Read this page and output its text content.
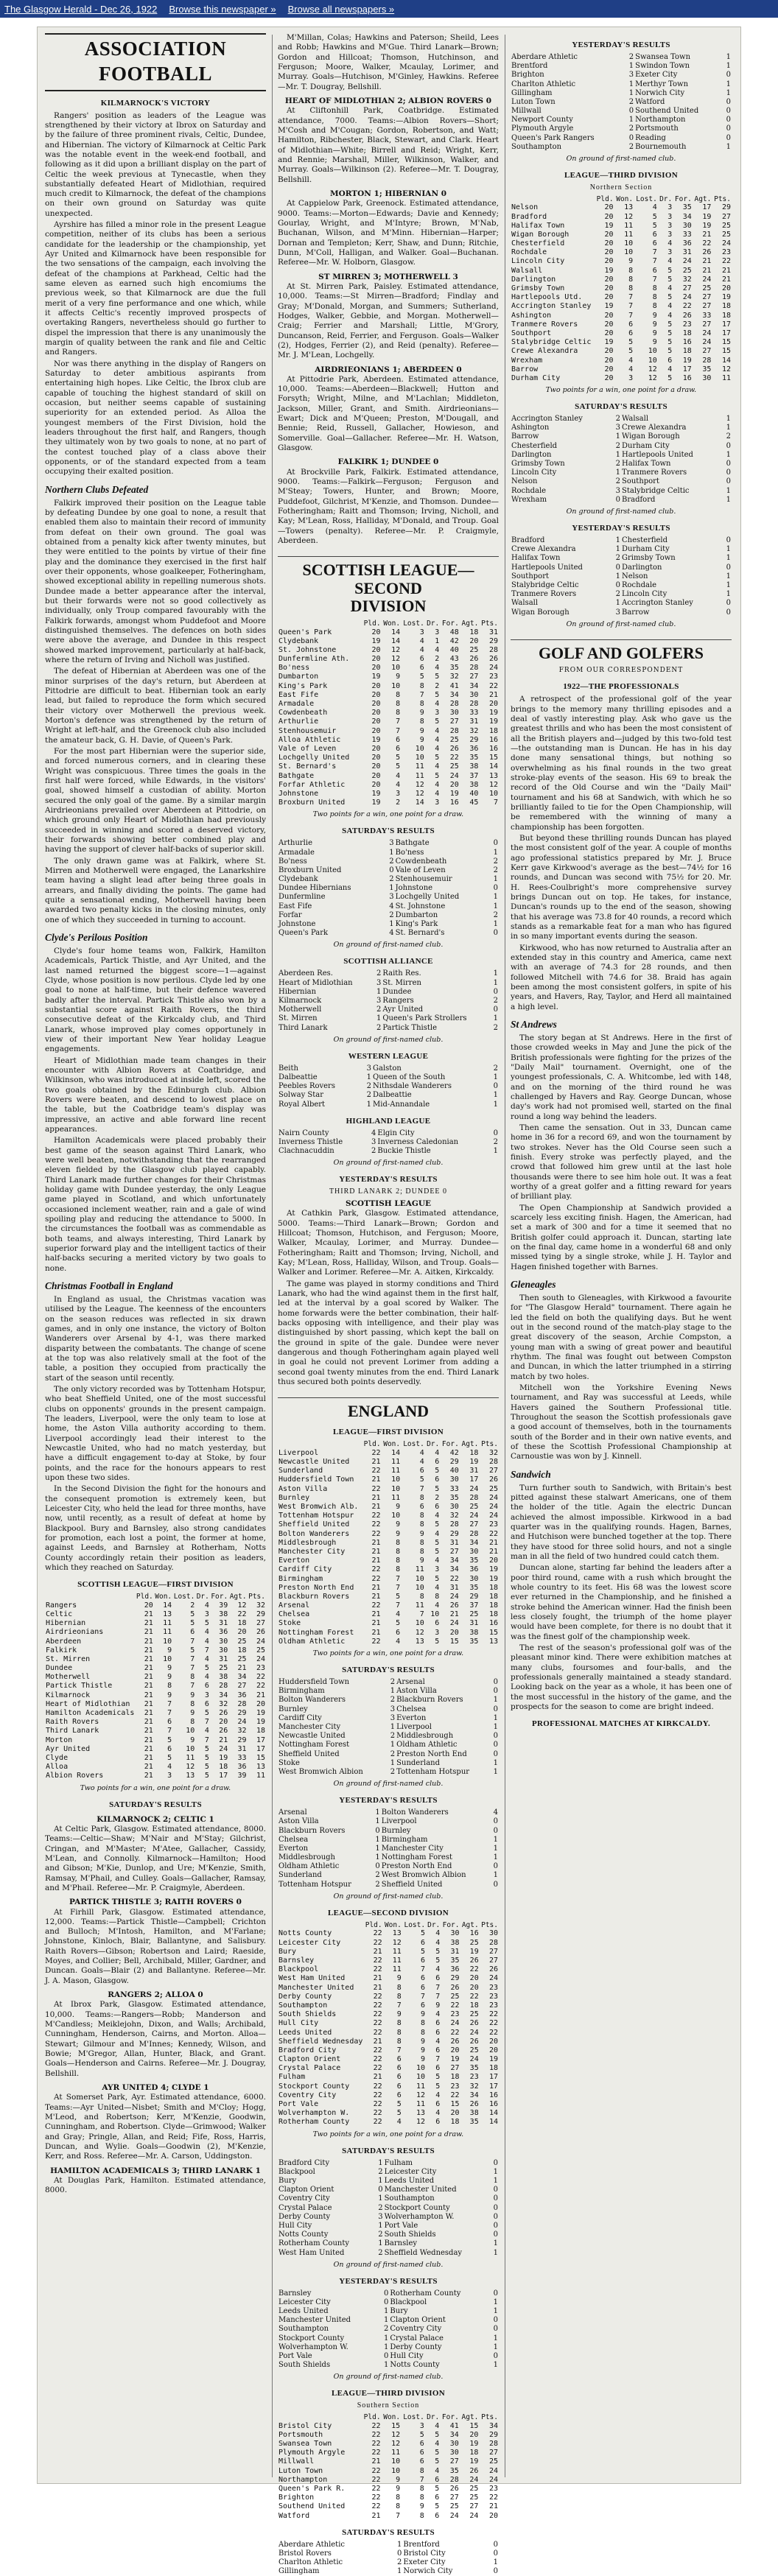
The Glasgow Herald - Dec 26, 1922 Browse this newspaper » Browse all newspapers »
ASSOCIATION FOOTBALL
KILMARNOCK'S VICTORY

Rangers' position as leaders of the League was strengthened by their victory at Ibrox on Saturday and by the failure of three prominent rivals, Celtic, Dundee, and Hibernian. The victory of Kilmarnock at Celtic Park was the notable event in the week-end football, and following as it did upon a brilliant display on the part of Celtic the week previous at Tynecastle, when they substantially defeated Heart of Midlothian, required much credit to Kilmarnock, the defeat of the champions on their own ground on Saturday was quite unexpected.

Ayrshire has filled a minor role in the present League competition, neither of its clubs has been a serious candidate for the leadership or the championship, yet Ayr United and Kilmarnock have been responsible for the two sensations of the campaign, each involving the defeat of the champions at Parkhead, Celtic had the same eleven as earned such high encomiums the previous week, so that Kilmarnock are due the full merit of a very fine performance and one which, while it affects Celtic's recently improved prospects of overtaking Rangers, nevertheless should go further to dispel the impression that there is any unanimously the margin of quality between the rank and file and Celtic and Rangers.

Nor was there anything in the display of Rangers on Saturday to deter ambitious aspirants from entertaining high hopes. Like Celtic, the Ibrox club are capable of touching the highest standard of skill on occasion, but neither seems capable of sustaining superiority for an extended period. As Alloa the youngest members of the First Division, hold the leaders throughout the first half, and Rangers, though they ultimately won by two goals to none, at no part of the contest touched play of a class above their opponents, or of the standard expected from a team occupying their exalted position.

Northern Clubs Defeated

Falkirk improved their position on the League table by defeating Dundee by one goal to none, a result that enabled them also to maintain their record of immunity from defeat on their own ground. The goal was obtained from a penalty kick after twenty minutes, but they were entitled to the points by virtue of their fine play and the dominance they exercised in the first half over their opponents, whose goalkeeper, Fotheringham, showed exceptional ability in repelling numerous shots. Dundee made a better appearance after the interval, but their forwards were not so good collectively as individually, only Troup compared favourably with the Falkirk forwards, amongst whom Puddefoot and Moore distinguished themselves. The defences on both sides were above the average, and Dundee in this respect showed marked improvement, particularly at half-back, where the return of Irving and Nicholl was justified.

The defeat of Hibernian at Aberdeen was one of the minor surprises of the day's return, but Aberdeen at Pittodrie are difficult to beat. Hibernian took an early lead, but failed to reproduce the form which secured their victory over Motherwell the previous week. Morton's defence was strengthened by the return of Wright at left-half, and the Greenock club also included the amateur back, G. H. Davie, of Queen's Park.

For the most part Hibernian were the superior side, and forced numerous corners, and in clearing these Wright was conspicuous. Three times the goals in the first half were forced, while Edwards, in the visitors' goal, showed himself a custodian of ability. Morton secured the only goal of the game. By a similar margin Airdrieonians prevailed over Aberdeen at Pittodrie, on which ground only Heart of Midlothian had previously succeeded in winning and scored a deserved victory, their forwards showing better combined play and having the support of clever half-backs of superior skill.

The only drawn game was at Falkirk, where St. Mirren and Motherwell were engaged, the Lanarkshire team having a slight lead after being three goals in arrears, and finally dividing the points. The game had quite a sensational ending, Motherwell having been awarded two penalty kicks in the closing minutes, only one of which they succeeded in turning to account.

Clyde's Perilous Position

Clyde's four home teams won, Falkirk, Hamilton Academicals, Partick Thistle, and Ayr United, and the last named returned the biggest score—1—against Clyde, whose position is now perilous. Clyde led by one goal to none at half-time, but their defence wavered badly after the interval. Partick Thistle also won by a substantial score against Raith Rovers, the third consecutive defeat of the Kirkcaldy club, and Third Lanark, whose improved play comes opportunely in view of their important New Year holiday League engagements.

Heart of Midlothian made team changes in their encounter with Albion Rovers at Coatbridge, and Wilkinson, who was introduced at inside left, scored the two goals obtained by the Edinburgh club. Albion Rovers were beaten, and descend to lowest place on the table, but the Coatbridge team's display was impressive, an active and able forward line recent appearances.

Hamilton Academicals were placed probably their best game of the season against Third Lanark, who were well beaten, notwithstanding that the rearranged eleven fielded by the Glasgow club played capably. Third Lanark made further changes for their Christmas holiday game with Dundee yesterday, the only League game played in Scotland, and which unfortunately occasioned inclement weather, rain and a gale of wind spoiling play and reducing the attendance to 5000. In the circumstances the football was as commendable as both teams, and always interesting, Third Lanark by superior forward play and the intelligent tactics of their half-backs securing a merited victory by two goals to none.

Christmas Football in England

In England as usual, the Christmas vacation was utilised by the League. The keenness of the encounters on the season reduces was reflected in six drawn games, and in only one instance, the victory of Bolton Wanderers over Arsenal by 4-1, was there marked disparity between the combatants. The change of scene at the top was also relatively small at the foot of the table, a position they occupied from practically the start of the season until recently.

The only victory recorded was by Tottenham Hotspur, who beat Sheffield United, one of the most successful clubs on opponents' grounds in the present campaign. The leaders, Liverpool, were the only team to lose at home, the Aston Villa authority according to them. Liverpool accordingly lead their interest to the Newcastle United, who had no match yesterday, but have a difficult engagement to-day at Stoke, by four points, and the race for the honours appears to rest upon these two sides.

In the Second Division the fight for the honours and the consequent promotion is extremely keen, but Leicester City, who held the lead for three months, have now, until recently, as a result of defeat at home by Blackpool. Bury and Barnsley, also strong candidates for promotion, each lost a point, the former at home, against Leeds, and Barnsley at Rotherham, Notts County accordingly retain their position as leaders, which they reached on Saturday.

SCOTTISH LEAGUE—FIRST DIVISION
	Pld.	Won.	Lost.	Dr.	For.	Agt.	Pts.
Rangers	20	14	2	4	39	12	32
Celtic	21	13	5	3	38	22	29
Hibernian	21	11	5	5	31	18	27
Airdrieonians	21	11	6	4	36	20	26
Aberdeen	21	10	7	4	30	25	24
Falkirk	21	9	5	7	30	18	25
St. Mirren	21	10	7	4	31	25	24
Dundee	21	9	7	5	25	21	23
Motherwell	21	9	8	4	38	34	22
Partick Thistle	21	8	7	6	28	27	22
Kilmarnock	21	9	9	3	34	36	21
Heart of Midlothian	21	7	8	6	32	28	20
Hamilton Academicals	21	7	9	5	26	29	19
Raith Rovers	21	6	8	7	20	24	19
Third Lanark	21	7	10	4	26	32	18
Morton	21	5	9	7	21	29	17
Ayr United	21	6	10	5	24	31	17
Clyde	21	5	11	5	19	33	15
Alloa	21	4	12	5	18	36	13
Albion Rovers	21	3	13	5	17	39	11
Two points for a win, one point for a draw.
SATURDAY'S RESULTS
KILMARNOCK 2; CELTIC 1

At Celtic Park, Glasgow. Estimated attendance, 8000. Teams:—Celtic—Shaw; M'Nair and M'Stay; Gilchrist, Cringan, and M'Master; M'Atee, Gallacher, Cassidy, M'Lean, and Connolly. Kilmarnock—Hamilton; Hood and Gibson; M'Kie, Dunlop, and Ure; M'Kenzie, Smith, Ramsay, M'Phail, and Culley. Goals—Gallacher, Ramsay, and M'Phail. Referee—Mr. P. Craigmyle, Aberdeen.

PARTICK THISTLE 3; RAITH ROVERS 0

At Firhill Park, Glasgow. Estimated attendance, 12,000. Teams:—Partick Thistle—Campbell; Crichton and Bulloch; M'Intosh, Hamilton, and M'Farlane; Johnstone, Kinloch, Blair, Ballantyne, and Salisbury. Raith Rovers—Gibson; Robertson and Laird; Raeside, Moyes, and Collier; Bell, Archibald, Miller, Gardner, and Duncan. Goals—Blair (2) and Ballantyne. Referee—Mr. J. A. Mason, Glasgow.

RANGERS 2; ALLOA 0

At Ibrox Park, Glasgow. Estimated attendance, 10,000. Teams:—Rangers—Robb; Manderson and M'Candless; Meiklejohn, Dixon, and Walls; Archibald, Cunningham, Henderson, Cairns, and Morton. Alloa—Stewart; Gilmour and M'Innes; Kennedy, Wilson, and Bowie; M'Gregor, Allan, Hunter, Black, and Grant. Goals—Henderson and Cairns. Referee—Mr. J. Dougray, Bellshill.

AYR UNITED 4; CLYDE 1

At Somerset Park, Ayr. Estimated attendance, 6000. Teams:—Ayr United—Nisbet; Smith and M'Cloy; Hogg, M'Leod, and Robertson; Kerr, M'Kenzie, Goodwin, Cunningham, and Robertson. Clyde—Grimwood; Walker and Gray; Pringle, Allan, and Reid; Fife, Ross, Harris, Duncan, and Wylie. Goals—Goodwin (2), M'Kenzie, Kerr, and Ross. Referee—Mr. A. Carson, Uddingston.

HAMILTON ACADEMICALS 3; THIRD LANARK 1

At Douglas Park, Hamilton. Estimated attendance, 8000.

M'Millan, Colas; Hawkins and Paterson; Sheild, Lees and Robb; Hawkins and M'Gue. Third Lanark—Brown; Gordon and Hillcoat; Thomson, Hutchinson, and Ferguson; Moore, Walker, Mcaulay, Lorimer, and Murray. Goals—Hutchison, M'Ginley, Hawkins. Referee—Mr. T. Dougray, Bellshill.

HEART OF MIDLOTHIAN 2; ALBION ROVERS 0

At Cliftonhill Park, Coatbridge. Estimated attendance, 7000. Teams:—Albion Rovers—Short; M'Cosh and M'Cougan; Gordon, Robertson, and Watt; Hamilton, Ribchester, Black, Stewart, and Clark. Heart of Midlothian—White; Birrell and Reid; Wright, Kerr, and Rennie; Marshall, Miller, Wilkinson, Walker, and Murray. Goals—Wilkinson (2). Referee—Mr. T. Dougray, Bellshill.

MORTON 1; HIBERNIAN 0

At Cappielow Park, Greenock. Estimated attendance, 9000. Teams:—Morton—Edwards; Davie and Kennedy; Gourlay, Wright, and M'Intyre; Brown, M'Nab, Buchanan, Wilson, and M'Minn. Hibernian—Harper; Dornan and Templeton; Kerr, Shaw, and Dunn; Ritchie, Dunn, M'Coll, Halligan, and Walker. Goal—Buchanan. Referee—Mr. W. Holborn, Glasgow.

ST MIRREN 3; MOTHERWELL 3

At St. Mirren Park, Paisley. Estimated attendance, 10,000. Teams:—St Mirren—Bradford; Findlay and Gray; M'Donald, Morgan, and Summers; Sutherland, Hodges, Walker, Gebbie, and Morgan. Motherwell—Craig; Ferrier and Marshall; Little, M'Grory, Duncanson, Reid, Ferrier, and Ferguson. Goals—Walker (2), Hodges, Ferrier (2), and Reid (penalty). Referee—Mr. J. M'Lean, Lochgelly.

AIRDRIEONIANS 1; ABERDEEN 0

At Pittodrie Park, Aberdeen. Estimated attendance, 10,000. Teams:—Aberdeen—Blackwell; Hutton and Forsyth; Wright, Milne, and M'Lachlan; Middleton, Jackson, Miller, Grant, and Smith. Airdrieonians—Ewart; Dick and M'Queen; Preston, M'Dougall, and Bennie; Reid, Russell, Gallacher, Howieson, and Somerville. Goal—Gallacher. Referee—Mr. H. Watson, Glasgow.

FALKIRK 1; DUNDEE 0

At Brockville Park, Falkirk. Estimated attendance, 9000. Teams:—Falkirk—Ferguson; Ferguson and M'Steay; Towers, Hunter, and Brown; Moore, Puddefoot, Gilchrist, M'Kenzie, and Thomson. Dundee—Fotheringham; Raitt and Thomson; Irving, Nicholl, and Kay; M'Lean, Ross, Halliday, M'Donald, and Troup. Goal—Towers (penalty). Referee—Mr. P. Craigmyle, Aberdeen.

SCOTTISH LEAGUE—SECOND
DIVISION
	Pld.	Won.	Lost.	Dr.	For.	Agt.	Pts.
Queen's Park	20	14	3	3	48	18	31
Clydebank	19	14	4	1	42	20	29
St. Johnstone	20	12	4	4	40	25	28
Dunfermline Ath.	20	12	6	2	43	26	26
Bo'ness	20	10	6	4	35	28	24
Dumbarton	19	9	5	5	32	27	23
King's Park	20	10	8	2	41	34	22
East Fife	20	8	7	5	34	30	21
Armadale	20	8	8	4	28	28	20
Cowdenbeath	20	8	9	3	30	33	19
Arthurlie	20	7	8	5	27	31	19
Stenhousemuir	20	7	9	4	28	32	18
Alloa Athletic	19	6	9	4	25	29	16
Vale of Leven	20	6	10	4	26	36	16
Lochgelly United	20	5	10	5	22	35	15
St. Bernard's	20	5	11	4	25	38	14
Bathgate	20	4	11	5	24	37	13
Forfar Athletic	20	4	12	4	20	38	12
Johnstone	19	3	12	4	19	40	10
Broxburn United	19	2	14	3	16	45	7
Two points for a win, one point for a draw.
SATURDAY'S RESULTS
Arthurlie	3	Bathgate	0
Armadale	1	Bo'ness	1
Bo'ness	2	Cowdenbeath	2
Broxburn United	0	Vale of Leven	2
Clydebank	2	Stenhousemuir	1
Dundee Hibernians	1	Johnstone	0
Dunfermline	3	Lochgelly United	1
East Fife	4	St. Johnstone	1
Forfar	2	Dumbarton	2
Johnstone	1	King's Park	1
Queen's Park	4	St. Bernard's	0
On ground of first-named club.
SCOTTISH ALLIANCE
Aberdeen Res.	2	Raith Res.	1
Heart of Midlothian	3	St. Mirren	1
Hibernian	1	Dundee	0
Kilmarnock	3	Rangers	2
Motherwell	2	Ayr United	0
St. Mirren	1	Queen's Park Strollers	1
Third Lanark	2	Partick Thistle	2
On ground of first-named club.
WESTERN LEAGUE
Beith	3	Galston	2
Dalbeattie	1	Queen of the South	1
Peebles Rovers	2	Nithsdale Wanderers	0
Solway Star	2	Dalbeattie	1
Royal Albert	1	Mid-Annandale	1
HIGHLAND LEAGUE
Nairn County	4	Elgin City	0
Inverness Thistle	3	Inverness Caledonian	2
Clachnacuddin	2	Buckie Thistle	1
On ground of first-named club.
YESTERDAY'S RESULTS
THIRD LANARK 2; DUNDEE 0
SCOTTISH LEAGUE

At Cathkin Park, Glasgow. Estimated attendance, 5000. Teams:—Third Lanark—Brown; Gordon and Hillcoat; Thomson, Hutchison, and Ferguson; Moore, Walker, Mcaulay, Lorimer, and Murray. Dundee—Fotheringham; Raitt and Thomson; Irving, Nicholl, and Kay; M'Lean, Ross, Halliday, Wilson, and Troup. Goals—Walker and Lorimer. Referee—Mr. A. Aitken, Kirkcaldy.

The game was played in stormy conditions and Third Lanark, who had the wind against them in the first half, led at the interval by a goal scored by Walker. The home forwards were the better combination, their half-backs opposing with intelligence, and their play was distinguished by short passing, which kept the ball on the ground in spite of the gale. Dundee were never dangerous and though Fotheringham again played well in goal he could not prevent Lorimer from adding a second goal twenty minutes from the end. Third Lanark thus secured both points deservedly.

ENGLAND
LEAGUE—FIRST DIVISION
	Pld.	Won.	Lost.	Dr.	For.	Agt.	Pts.
Liverpool	22	14	4	4	42	18	32
Newcastle United	21	11	4	6	29	19	28
Sunderland	22	11	6	5	40	31	27
Huddersfield Town	21	10	5	6	30	17	26
Aston Villa	22	10	7	5	33	24	25
Burnley	21	11	8	2	35	28	24
West Bromwich Alb.	21	9	6	6	30	25	24
Tottenham Hotspur	22	10	8	4	32	24	24
Sheffield United	22	9	8	5	28	27	23
Bolton Wanderers	22	9	9	4	29	28	22
Middlesbrough	21	8	8	5	31	34	21
Manchester City	21	8	8	5	27	30	21
Everton	21	8	9	4	34	35	20
Cardiff City	22	8	11	3	34	36	19
Birmingham	22	7	10	5	22	30	19
Preston North End	21	7	10	4	31	35	18
Blackburn Rovers	21	5	8	8	24	29	18
Arsenal	22	7	11	4	26	37	18
Chelsea	21	4	7	10	21	25	18
Stoke	21	5	10	6	24	31	16
Nottingham Forest	21	6	12	3	20	38	15
Oldham Athletic	22	4	13	5	15	35	13
Two points for a win, one point for a draw.
SATURDAY'S RESULTS
Huddersfield Town	2	Arsenal	0
Birmingham	1	Aston Villa	0
Bolton Wanderers	2	Blackburn Rovers	1
Burnley	3	Chelsea	0
Cardiff City	3	Everton	1
Manchester City	1	Liverpool	1
Newcastle United	2	Middlesbrough	0
Nottingham Forest	1	Oldham Athletic	0
Sheffield United	2	Preston North End	0
Stoke	1	Sunderland	1
West Bromwich Albion	2	Tottenham Hotspur	1
On ground of first-named club.
YESTERDAY'S RESULTS
Arsenal	1	Bolton Wanderers	4
Aston Villa	1	Liverpool	0
Blackburn Rovers	0	Burnley	0
Chelsea	1	Birmingham	1
Everton	1	Manchester City	1
Middlesbrough	1	Nottingham Forest	1
Oldham Athletic	0	Preston North End	0
Sunderland	2	West Bromwich Albion	1
Tottenham Hotspur	2	Sheffield United	0
On ground of first-named club.
LEAGUE—SECOND DIVISION
	Pld.	Won.	Lost.	Dr.	For.	Agt.	Pts.
Notts County	22	13	5	4	30	16	30
Leicester City	22	12	6	4	38	25	28
Bury	21	11	5	5	31	19	27
Barnsley	22	11	6	5	35	26	27
Blackpool	22	11	7	4	36	22	26
West Ham United	21	9	6	6	29	20	24
Manchester United	21	8	6	7	26	20	23
Derby County	22	8	7	7	25	22	23
Southampton	22	7	6	9	22	18	23
South Shields	22	9	9	4	23	25	22
Hull City	22	8	8	6	24	26	22
Leeds United	22	8	8	6	22	24	22
Sheffield Wednesday	21	8	9	4	26	26	20
Bradford City	22	7	9	6	20	25	20
Clapton Orient	22	6	9	7	19	24	19
Crystal Palace	22	6	10	6	27	35	18
Fulham	21	6	10	5	18	23	17
Stockport County	22	6	11	5	23	32	17
Coventry City	22	6	12	4	22	34	16
Port Vale	22	5	11	6	15	26	16
Wolverhampton W.	22	5	13	4	20	38	14
Rotherham County	22	4	12	6	18	35	14
Two points for a win, one point for a draw.
SATURDAY'S RESULTS
Bradford City	1	Fulham	0
Blackpool	2	Leicester City	1
Bury	1	Leeds United	1
Clapton Orient	0	Manchester United	0
Coventry City	1	Southampton	0
Crystal Palace	2	Stockport County	0
Derby County	3	Wolverhampton W.	0
Hull City	1	Port Vale	0
Notts County	2	South Shields	0
Rotherham County	1	Barnsley	1
West Ham United	2	Sheffield Wednesday	1
On ground of first-named club.
YESTERDAY'S RESULTS
Barnsley	0	Rotherham County	0
Leicester City	0	Blackpool	1
Leeds United	1	Bury	1
Manchester United	1	Clapton Orient	0
Southampton	2	Coventry City	0
Stockport County	1	Crystal Palace	1
Wolverhampton W.	1	Derby County	1
Port Vale	0	Hull City	0
South Shields	1	Notts County	1
On ground of first-named club.
LEAGUE—THIRD DIVISION
Southern Section
	Pld.	Won.	Lost.	Dr.	For.	Agt.	Pts.
Bristol City	22	15	3	4	41	15	34
Portsmouth	22	12	5	5	34	20	29
Swansea Town	22	12	6	4	30	19	28
Plymouth Argyle	22	11	6	5	30	18	27
Millwall	21	10	6	5	27	19	25
Luton Town	22	10	8	4	35	26	24
Northampton	22	9	7	6	28	24	24
Queen's Park R.	22	9	8	5	26	25	23
Brighton	22	8	8	6	27	25	22
Southend United	22	8	9	5	25	27	21
Watford	21	7	8	6	24	24	20
SATURDAY'S RESULTS
Aberdare Athletic	1	Brentford	0
Bristol Rovers	0	Bristol City	0
Charlton Athletic	2	Exeter City	1
Gillingham	1	Norwich City	0
YESTERDAY'S RESULTS
Aberdare Athletic	2	Swansea Town	1
Brentford	1	Swindon Town	1
Brighton	3	Exeter City	0
Charlton Athletic	1	Merthyr Town	1
Gillingham	1	Norwich City	1
Luton Town	2	Watford	0
Millwall	0	Southend United	0
Newport County	1	Northampton	0
Plymouth Argyle	2	Portsmouth	0
Queen's Park Rangers	0	Reading	0
Southampton	2	Bournemouth	1
On ground of first-named club.
LEAGUE—THIRD DIVISION
Northern Section
	Pld.	Won.	Lost.	Dr.	For.	Agt.	Pts.
Nelson	20	13	4	3	35	17	29
Bradford	20	12	5	3	34	19	27
Halifax Town	19	11	5	3	30	19	25
Wigan Borough	20	11	6	3	33	21	25
Chesterfield	20	10	6	4	36	22	24
Rochdale	20	10	7	3	31	26	23
Lincoln City	20	9	7	4	24	21	22
Walsall	19	8	6	5	25	21	21
Darlington	20	8	7	5	32	24	21
Grimsby Town	20	8	8	4	27	25	20
Hartlepools Utd.	20	7	8	5	24	27	19
Accrington Stanley	19	7	8	4	22	27	18
Ashington	20	7	9	4	26	33	18
Tranmere Rovers	20	6	9	5	23	27	17
Southport	20	6	9	5	18	24	17
Stalybridge Celtic	19	5	9	5	16	24	15
Crewe Alexandra	20	5	10	5	18	27	15
Wrexham	20	4	10	6	19	28	14
Barrow	20	4	12	4	17	35	12
Durham City	20	3	12	5	16	30	11
Two points for a win, one point for a draw.
SATURDAY'S RESULTS
Accrington Stanley	2	Walsall	1
Ashington	3	Crewe Alexandra	1
Barrow	1	Wigan Borough	2
Chesterfield	2	Durham City	0
Darlington	1	Hartlepools United	1
Grimsby Town	2	Halifax Town	0
Lincoln City	1	Tranmere Rovers	0
Nelson	2	Southport	0
Rochdale	3	Stalybridge Celtic	1
Wrexham	0	Bradford	1
On ground of first-named club.
YESTERDAY'S RESULTS
Bradford	1	Chesterfield	0
Crewe Alexandra	1	Durham City	1
Halifax Town	2	Grimsby Town	1
Hartlepools United	0	Darlington	0
Southport	1	Nelson	1
Stalybridge Celtic	0	Rochdale	1
Tranmere Rovers	2	Lincoln City	1
Walsall	1	Accrington Stanley	0
Wigan Borough	3	Barrow	0
On ground of first-named club.
GOLF AND GOLFERS
FROM OUR CORRESPONDENT
1922—THE PROFESSIONALS

A retrospect of the professional golf of the year brings to the memory many thrilling episodes and a deal of vastly interesting play. Ask who gave us the greatest thrills and who has been the most consistent of all the British players and—judged by this two-fold test—the outstanding man is Duncan. He has in his day done many sensational things, but nothing so overwhelming as his final rounds in the two great stroke-play events of the season. His 69 to break the record of the Old Course and win the "Daily Mail" tournament and his 68 at Sandwich, with which he so brilliantly failed to tie for the Open Championship, will be remembered with the winning of many a championship has been forgotten.

But beyond these thrilling rounds Duncan has played the most consistent golf of the year. A couple of months ago professional statistics prepared by Mr. J. Bruce Kerr gave Kirkwood's average as the best—74½ for 16 rounds, and Duncan was second with 75½ for 20. Mr. H. Rees-Coulbright's more comprehensive survey brings Duncan out on top. He takes, for instance, Duncan's rounds up to the end of the season, showing that his average was 73.8 for 40 rounds, a record which stands as a remarkable feat for a man who has figured in so many important events during the season.

Kirkwood, who has now returned to Australia after an extended stay in this country and America, came next with an average of 74.3 for 28 rounds, and then followed Mitchell with 74.6 for 38. Braid has again been among the most consistent golfers, in spite of his years, and Havers, Ray, Taylor, and Herd all maintained a high level.

St Andrews

The story began at St Andrews. Here in the first of those crowded weeks in May and June the pick of the British professionals were fighting for the prizes of the "Daily Mail" tournament. Overnight, one of the youngest professionals, C. A. Whitcombe, led with 148, and on the morning of the third round he was challenged by Havers and Ray. George Duncan, whose day's work had not promised well, started on the final round a long way behind the leaders.

Then came the sensation. Out in 33, Duncan came home in 36 for a record 69, and won the tournament by two strokes. Never has the Old Course seen such a finish. Every stroke was perfectly played, and the crowd that followed him grew until at the last hole thousands were there to see him hole out. It was a feat worthy of a great golfer and a fitting reward for years of brilliant play.

The Open Championship at Sandwich provided a scarcely less exciting finish. Hagen, the American, had set a mark of 300 and for a time it seemed that no British golfer could approach it. Duncan, starting late on the final day, came home in a wonderful 68 and only missed tying by a single stroke, while J. H. Taylor and Hagen finished together with Barnes.

Gleneagles

Then south to Gleneagles, with Kirkwood a favourite for "The Glasgow Herald" tournament. There again he led the field on both the qualifying days. But he went out in the second round of the match-play stage to the great discovery of the season, Archie Compston, a young man with a swing of great power and beautiful rhythm. The final was fought out between Compston and Duncan, in which the latter triumphed in a stirring match by two holes.

Mitchell won the Yorkshire Evening News tournament, and Ray was successful at Leeds, while Havers gained the Southern Professional title. Throughout the season the Scottish professionals gave a good account of themselves, both in the tournaments south of the Border and in their own native events, and of these the Scottish Professional Championship at Carnoustie was won by J. Kinnell.

Sandwich

Turn further south to Sandwich, with Britain's best pitted against these stalwart Americans, one of them the holder of the title. Again the electric Duncan achieved the almost impossible. Kirkwood in a bad quarter was in the qualifying rounds. Hagen, Barnes, and Hutchison were bunched together at the top. There they have stood for three solid hours, and not a single man in all the field of two hundred could catch them.

Duncan alone, starting far behind the leaders after a poor third round, came with a rush which brought the whole country to its feet. His 68 was the lowest score ever returned in the Championship, and he finished a stroke behind the American winner. Had the finish been less closely fought, the triumph of the home player would have been complete, for there is no doubt that it was the finest golf of the championship week.

The rest of the season's professional golf was of the pleasant minor kind. There were exhibition matches at many clubs, foursomes and four-balls, and the professionals generally maintained a steady standard. Looking back on the year as a whole, it has been one of the most successful in the history of the game, and the prospects for the season to come are bright indeed.

PROFESSIONAL MATCHES AT KIRKCALDY.
